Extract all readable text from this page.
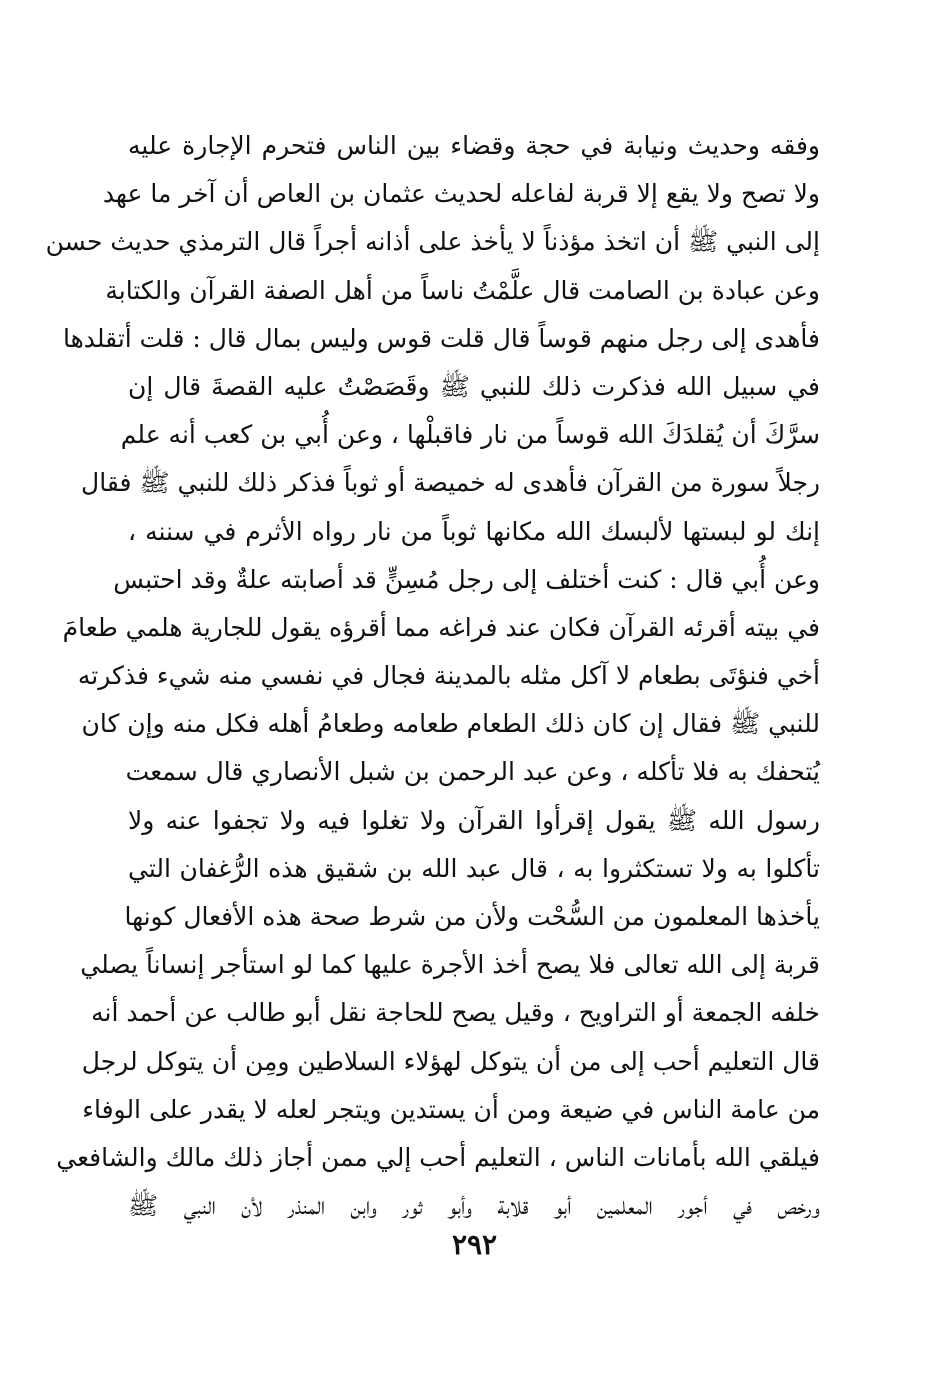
وفقه وحديث ونيابة في حجة وقضاء بين الناس فتحرم الإجارة عليه
ولا تصح ولا يقع إلا قربة لفاعله لحديث عثمان بن العاص أن آخر ما عهد
إلى النبي ﷺ أن اتخذ مؤذناً لا يأخذ على أذانه أجراً قال الترمذي حديث حسن
وعن عبادة بن الصامت قال علَّمْتُ ناساً من أهل الصفة القرآن والكتابة
فأهدى إلى رجل منهم قوساً قال قلت قوس وليس بمال قال : قلت أتقلدها
في سبيل الله فذكرت ذلك للنبي ﷺ وقَصَصْتُ عليه القصةَ قال إن
سرَّكَ أن يُقلدَكَ الله قوساً من نار فاقبلْها ، وعن أُبي بن كعب أنه علم
رجلاً سورة من القرآن فأهدى له خميصة أو ثوباً فذكر ذلك للنبي ﷺ فقال
إنك لو لبستها لألبسك الله مكانها ثوباً من نار رواه الأثرم في سننه ،
وعن أُبي قال : كنت أختلف إلى رجل مُسِنٍّ قد أصابته علةٌ وقد احتبس
في بيته أقرئه القرآن فكان عند فراغه مما أقرؤه يقول للجارية هلمي طعامَ
أخي فنؤتَى بطعام لا آكل مثله بالمدينة فجال في نفسي منه شيء فذكرته
للنبي ﷺ فقال إن كان ذلك الطعام طعامه وطعامُ أهله فكل منه وإن كان
يُتحفك به فلا تأكله ، وعن عبد الرحمن بن شبل الأنصاري قال سمعت
رسول الله ﷺ يقول إقرأوا القرآن ولا تغلوا فيه ولا تجفوا عنه ولا
تأكلوا به ولا تستكثروا به ، قال عبد الله بن شقيق هذه الرُّغفان التي
يأخذها المعلمون من السُّحْت ولأن من شرط صحة هذه الأفعال كونها
قربة إلى الله تعالى فلا يصح أخذ الأجرة عليها كما لو استأجر إنساناً يصلي
خلفه الجمعة أو التراويح ، وقيل يصح للحاجة نقل أبو طالب عن أحمد أنه
قال التعليم أحب إلى من أن يتوكل لهؤلاء السلاطين ومِن أن يتوكل لرجل
من عامة الناس في ضيعة ومن أن يستدين ويتجر لعله لا يقدر على الوفاء
فيلقي الله بأمانات الناس ، التعليم أحب إلي ممن أجاز ذلك مالك والشافعي
ورخص في أجور المعلمين أبو قلابة وأبو ثور وابن المنذر لأن النبي ﷺ
٢٩٢
